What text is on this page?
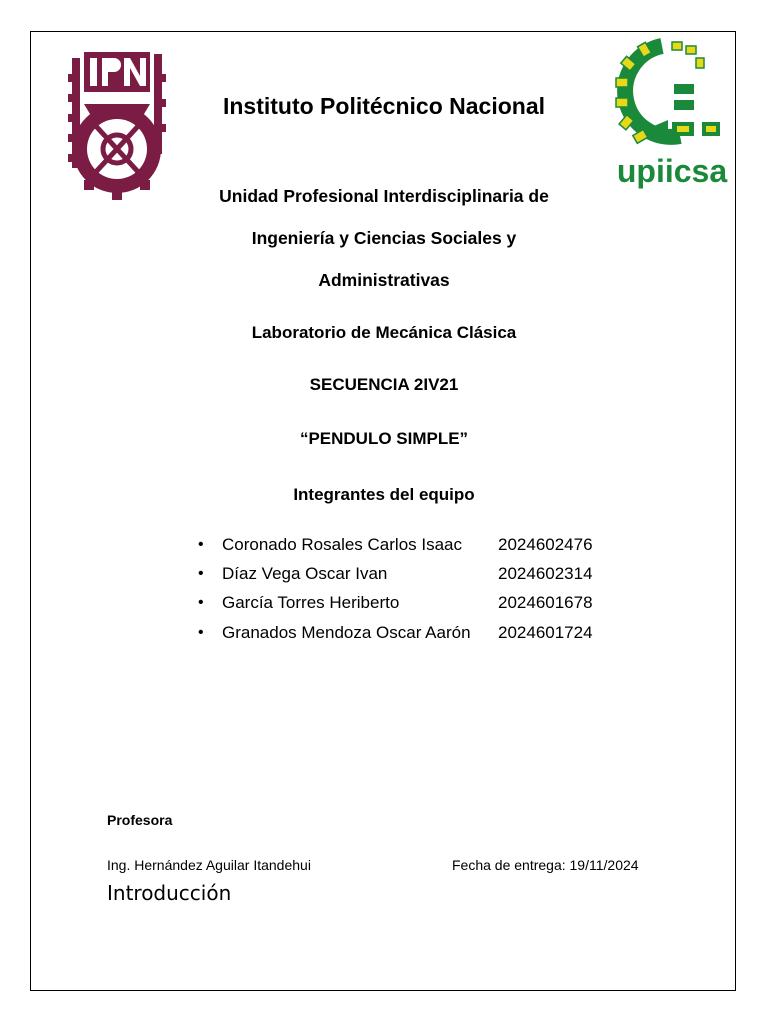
upiicsa
Instituto Politécnico Nacional
Unidad Profesional Interdisciplinaria de
Ingeniería y Ciencias Sociales y
Administrativas
Laboratorio de Mecánica Clásica
SECUENCIA 2IV21
“PENDULO SIMPLE”
Integrantes del equipo
• Coronado Rosales Carlos Isaac 2024602476
• Díaz Vega Oscar Ivan	2024602314
• García Torres Heriberto	2024601678
• Granados Mendoza Oscar Aarón 2024601724
Profesora
Ing. Hernández Aguilar Itandehui	Fecha de entrega: 19/11/2024
Introducción
